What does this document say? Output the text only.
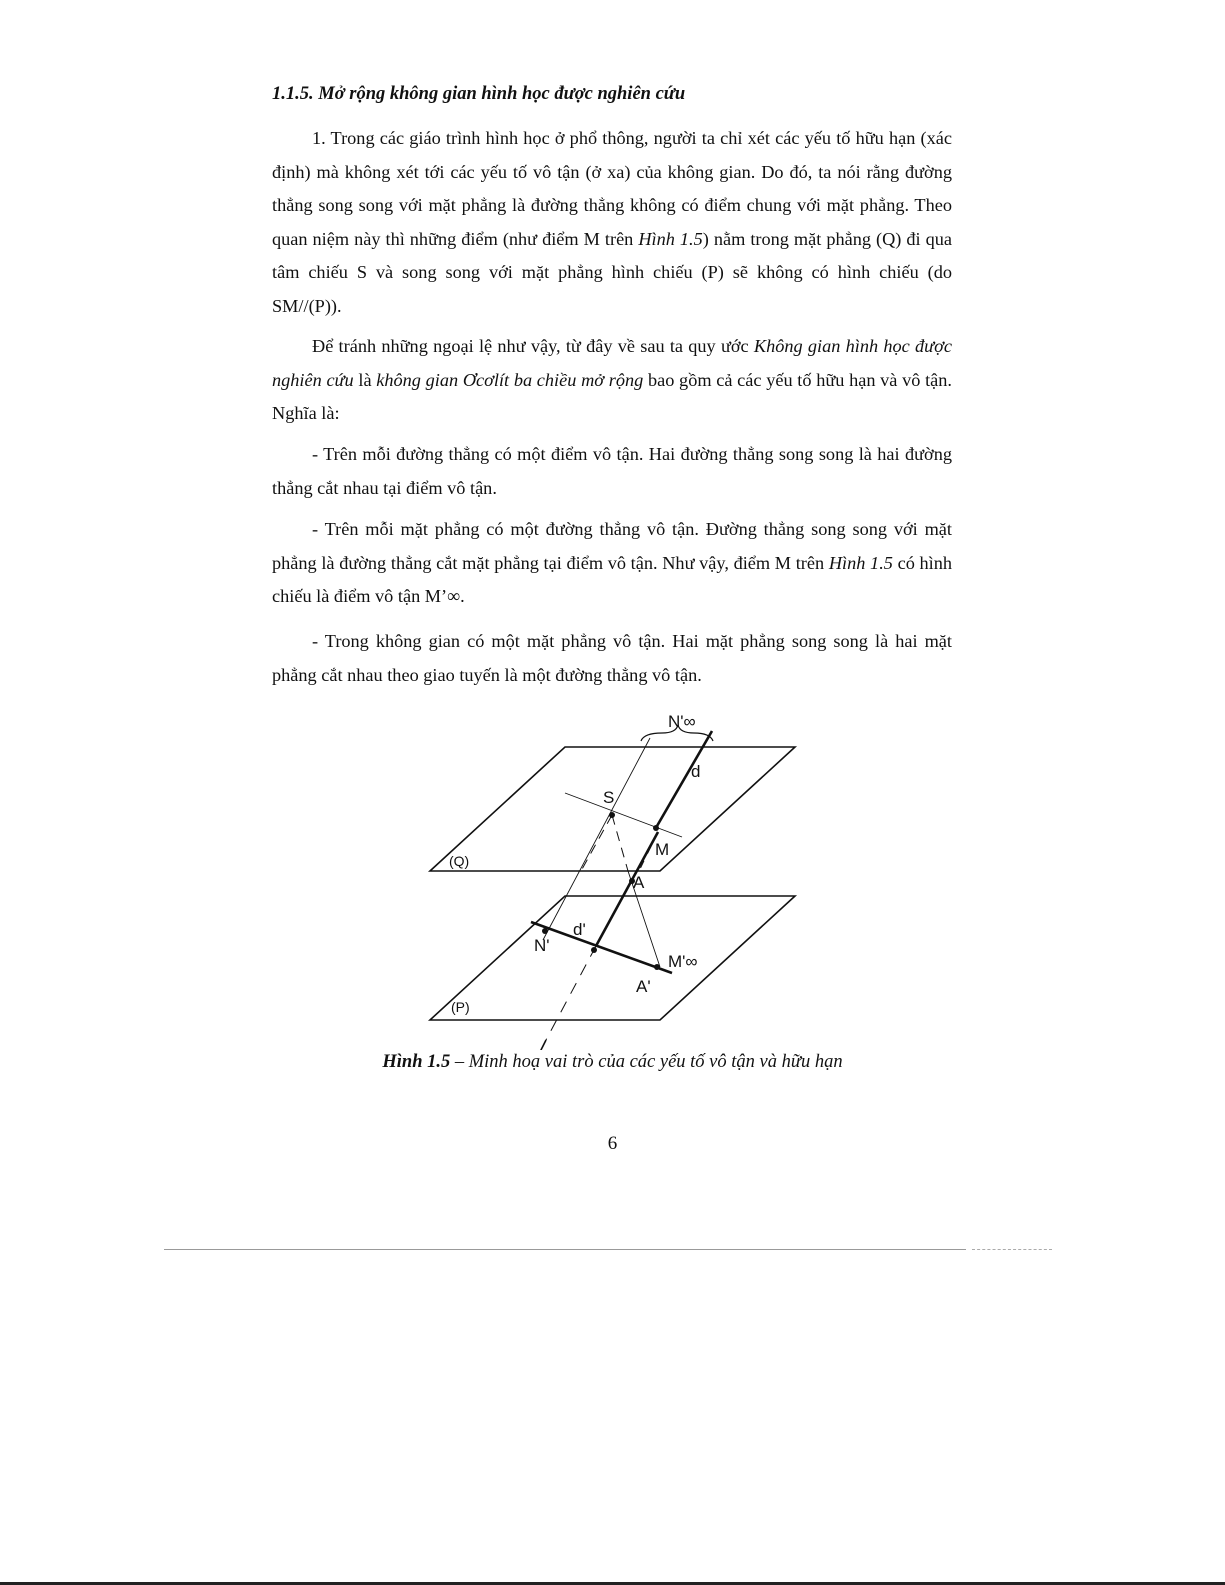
1.1.5. Mở rộng không gian hình học được nghiên cứu

1. Trong các giáo trình hình học ở phổ thông, người ta chỉ xét các yếu tố hữu hạn (xác định) mà không xét tới các yếu tố vô tận (ở xa) của không gian. Do đó, ta nói rằng đường thẳng song song với mặt phẳng là đường thẳng không có điểm chung với mặt phẳng. Theo quan niệm này thì những điểm (như điểm M trên Hình 1.5) nằm trong mặt phẳng (Q) đi qua tâm chiếu S và song song với mặt phẳng hình chiếu (P) sẽ không có hình chiếu (do SM//(P)).

Để tránh những ngoại lệ như vậy, từ đây về sau ta quy ước Không gian hình học được nghiên cứu là không gian Ơcơlít ba chiều mở rộng bao gồm cả các yếu tố hữu hạn và vô tận. Nghĩa là:

- Trên mỗi đường thẳng có một điểm vô tận. Hai đường thẳng song song là hai đường thẳng cắt nhau tại điểm vô tận.

- Trên mỗi mặt phẳng có một đường thẳng vô tận. Đường thẳng song song với mặt phẳng là đường thẳng cắt mặt phẳng tại điểm vô tận. Như vậy, điểm M trên Hình 1.5 có hình chiếu là điểm vô tận M’∞.

- Trong không gian có một mặt phẳng vô tận. Hai mặt phẳng song song là hai mặt phẳng cắt nhau theo giao tuyến là một đường thẳng vô tận.

N'∞
d
S
M
(Q)
A
d'
N'
M'∞
A'
(P)
Hình 1.5 – Minh hoạ vai trò của các yếu tố vô tận và hữu hạn
6
